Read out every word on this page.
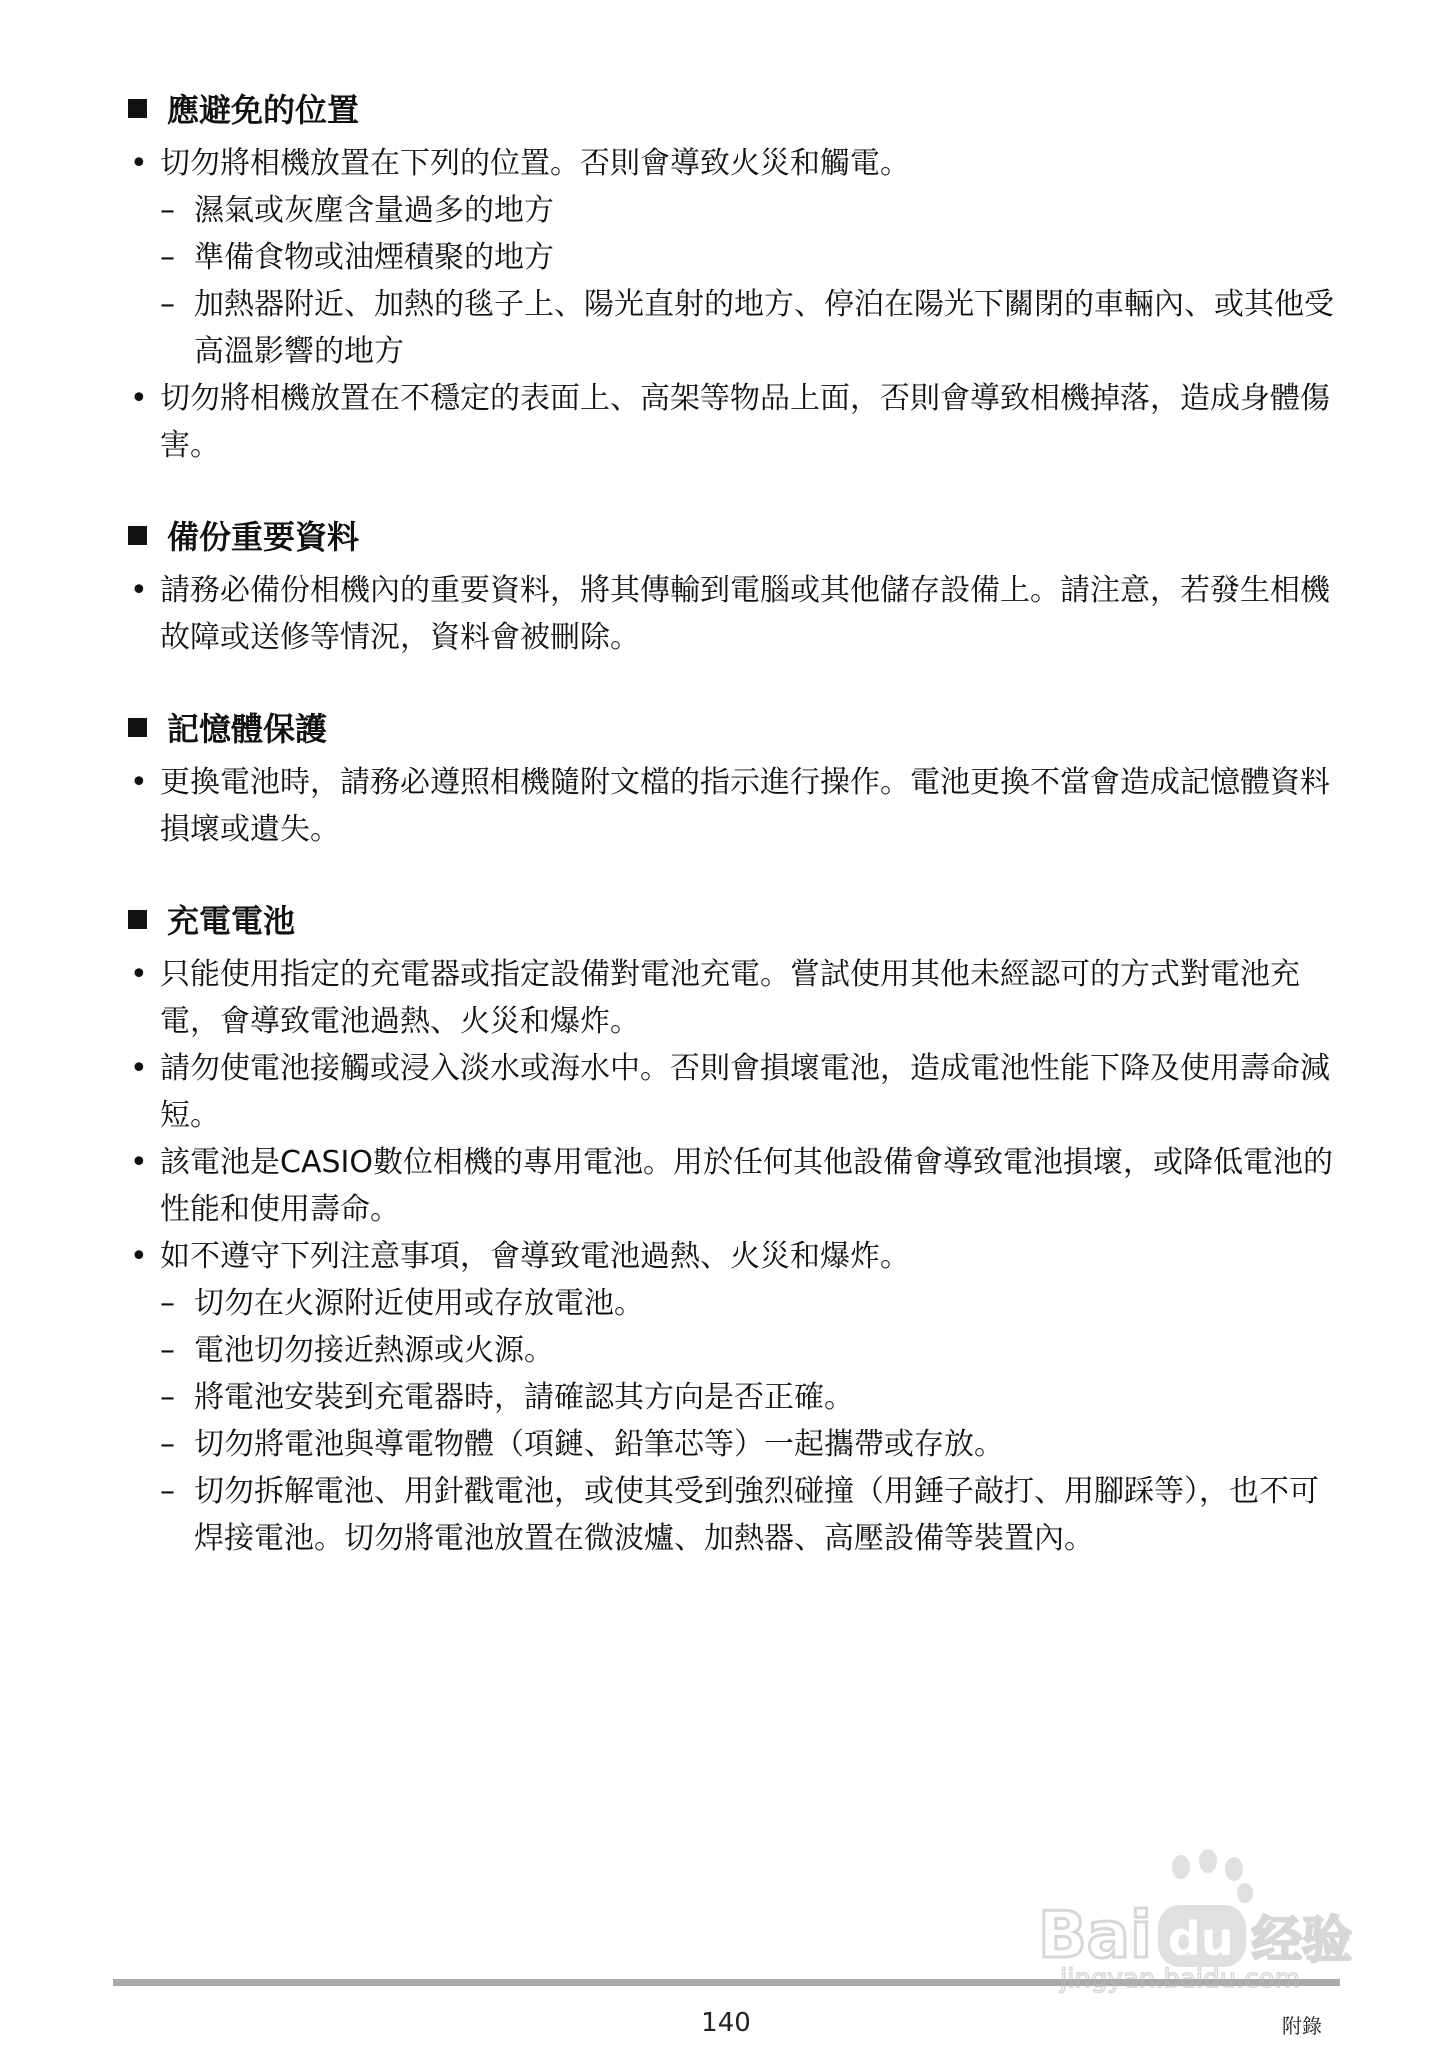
應避免的位置
• 切勿將相機放置在下列的位置。否則會導致火災和觸電。
– 濕氣或灰塵含量過多的地方
– 準備食物或油煙積聚的地方
– 加熱器附近、加熱的毯子上、陽光直射的地方、停泊在陽光下關閉的車輛內、或其他受高溫影響的地方
• 切勿將相機放置在不穩定的表面上、高架等物品上面，否則會導致相機掉落，造成身體傷害。
備份重要資料
• 請務必備份相機內的重要資料，將其傳輸到電腦或其他儲存設備上。請注意，若發生相機故障或送修等情況，資料會被刪除。
記憶體保護
• 更換電池時，請務必遵照相機隨附文檔的指示進行操作。電池更換不當會造成記憶體資料損壞或遺失。
充電電池
• 只能使用指定的充電器或指定設備對電池充電。嘗試使用其他未經認可的方式對電池充電，會導致電池過熱、火災和爆炸。
• 請勿使電池接觸或浸入淡水或海水中。否則會損壞電池，造成電池性能下降及使用壽命減短。
• 該電池是CASIO數位相機的專用電池。用於任何其他設備會導致電池損壞，或降低電池的性能和使用壽命。
• 如不遵守下列注意事項，會導致電池過熱、火災和爆炸。
– 切勿在火源附近使用或存放電池。
– 電池切勿接近熱源或火源。
– 將電池安裝到充電器時，請確認其方向是否正確。
– 切勿將電池與導電物體（項鏈、鉛筆芯等）一起攜帶或存放。
– 切勿拆解電池、用針戳電池，或使其受到強烈碰撞（用錘子敲打、用腳踩等），也不可焊接電池。切勿將電池放置在微波爐、加熱器、高壓設備等裝置內。
140	附錄
Bai du 经验
jingyan.baidu.com
